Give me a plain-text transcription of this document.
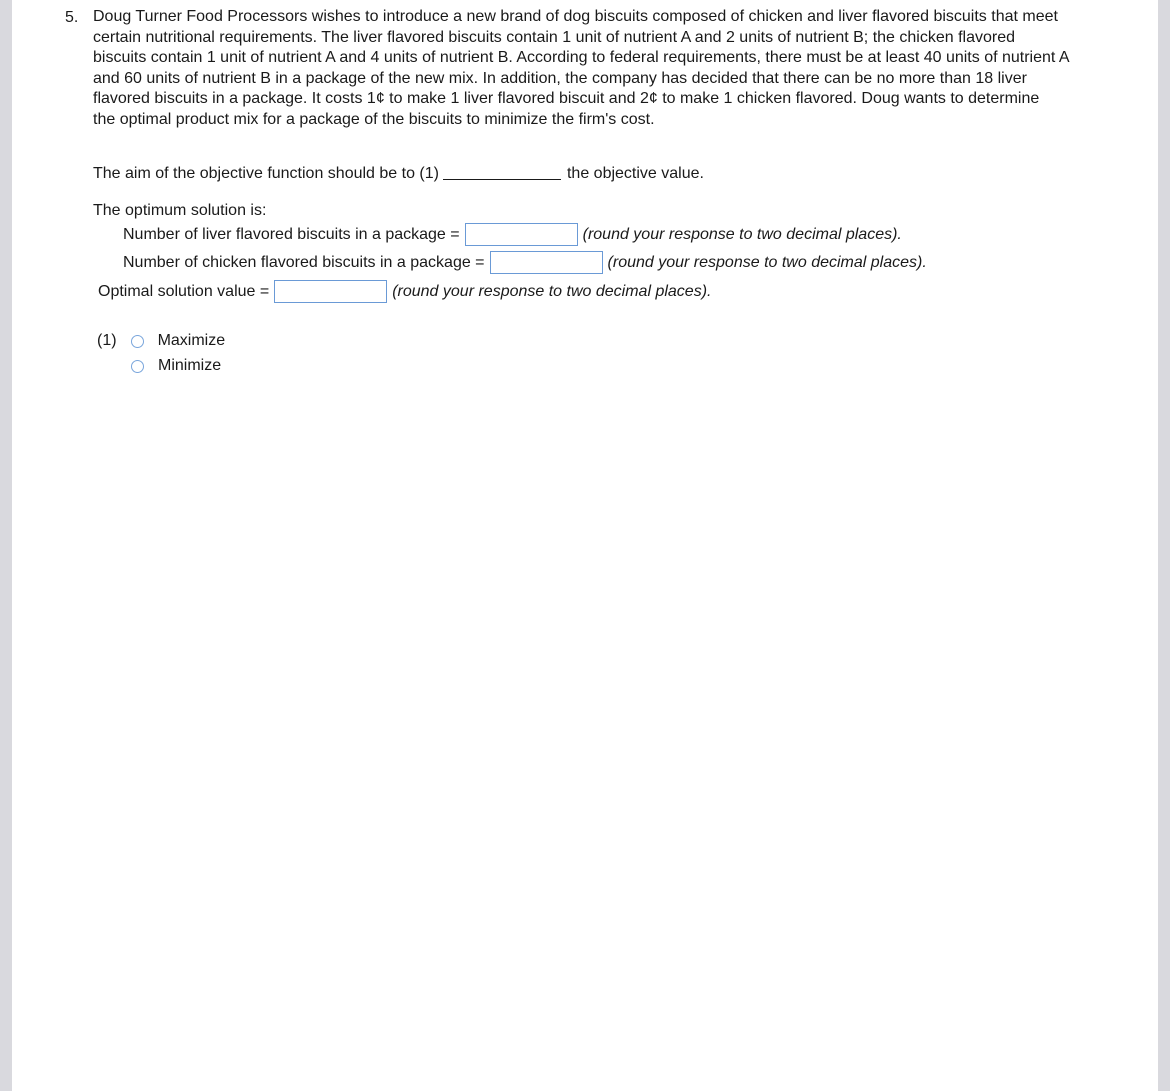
5. Doug Turner Food Processors wishes to introduce a new brand of dog biscuits composed of chicken and liver flavored biscuits that meet
certain nutritional requirements. The liver flavored biscuits contain 1 unit of nutrient A and 2 units of nutrient B; the chicken flavored
biscuits contain 1 unit of nutrient A and 4 units of nutrient B. According to federal requirements, there must be at least 40 units of nutrient A
and 60 units of nutrient B in a package of the new mix. In addition, the company has decided that there can be no more than 18 liver
flavored biscuits in a package. It costs 1¢ to make 1 liver flavored biscuit and 2¢ to make 1 chicken flavored. Doug wants to determine
the optimal product mix for a package of the biscuits to minimize the firm's cost.
The aim of the objective function should be to (1)	the objective value.
The optimum solution is:
Number of liver flavored biscuits in a package =	(round your response to two decimal places).
Number of chicken flavored biscuits in a package =	(round your response to two decimal places).
Optimal solution value =	(round your response to two decimal places).
(1)	Maximize
Minimize
